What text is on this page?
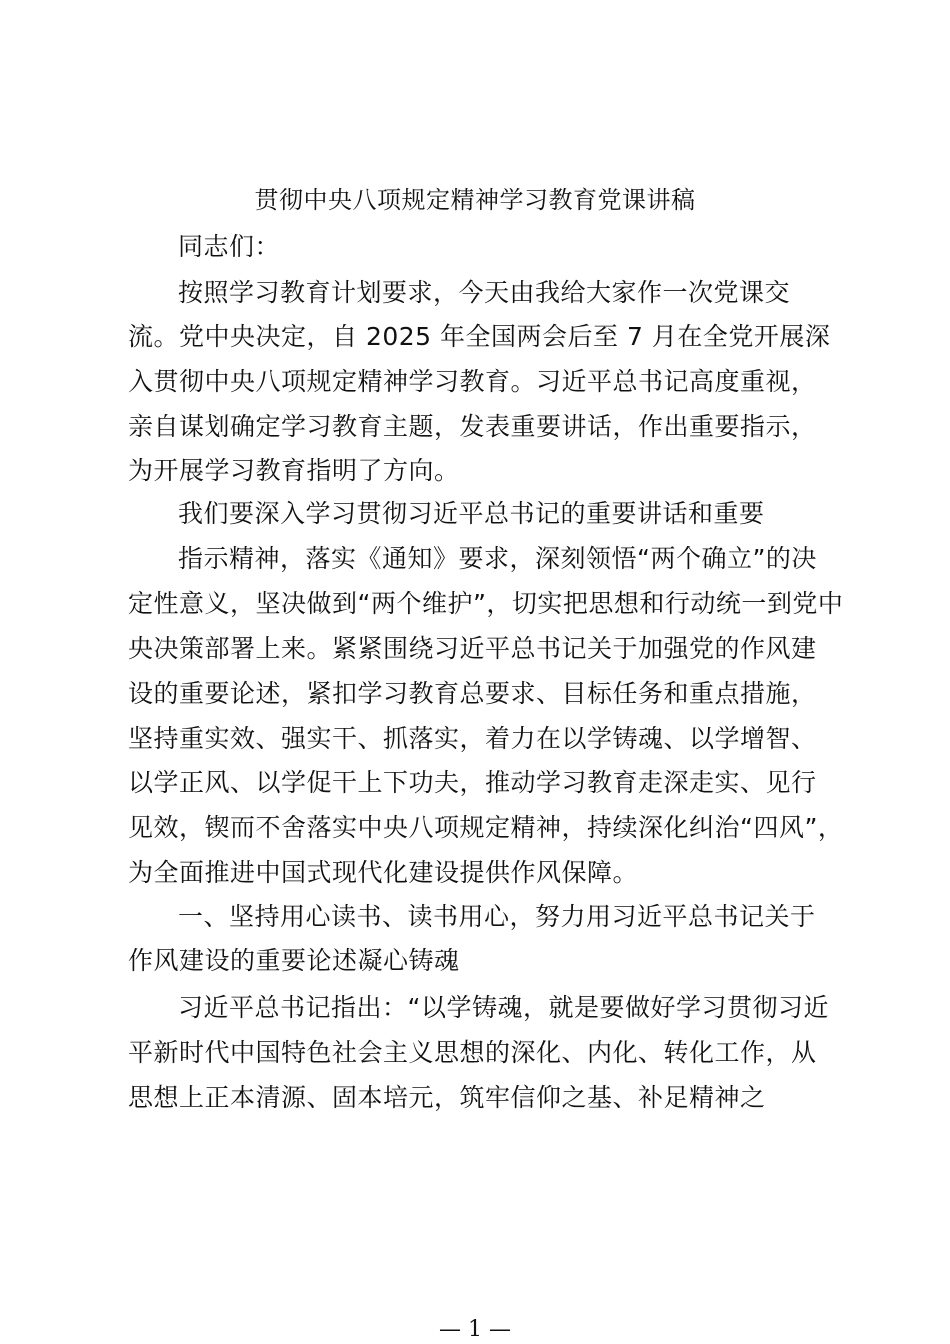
贯彻中央八项规定精神学习教育党课讲稿
同志们：
按照学习教育计划要求，今天由我给大家作一次党课交
流。党中央决定，自 2025 年全国两会后至 7 月在全党开展深
入贯彻中央八项规定精神学习教育。习近平总书记高度重视，
亲自谋划确定学习教育主题，发表重要讲话，作出重要指示，
为开展学习教育指明了方向。
我们要深入学习贯彻习近平总书记的重要讲话和重要
指示精神，落实《通知》要求，深刻领悟“两个确立”的决
定性意义，坚决做到“两个维护”，切实把思想和行动统一到党中
央决策部署上来。紧紧围绕习近平总书记关于加强党的作风建
设的重要论述，紧扣学习教育总要求、目标任务和重点措施，
坚持重实效、强实干、抓落实，着力在以学铸魂、以学增智、
以学正风、以学促干上下功夫，推动学习教育走深走实、见行
见效，锲而不舍落实中央八项规定精神，持续深化纠治“四风”，
为全面推进中国式现代化建设提供作风保障。
一、坚持用心读书、读书用心，努力用习近平总书记关于
作风建设的重要论述凝心铸魂
习近平总书记指出：“以学铸魂，就是要做好学习贯彻习近
平新时代中国特色社会主义思想的深化、内化、转化工作，从
思想上正本清源、固本培元，筑牢信仰之基、补足精神之
— 1 —
